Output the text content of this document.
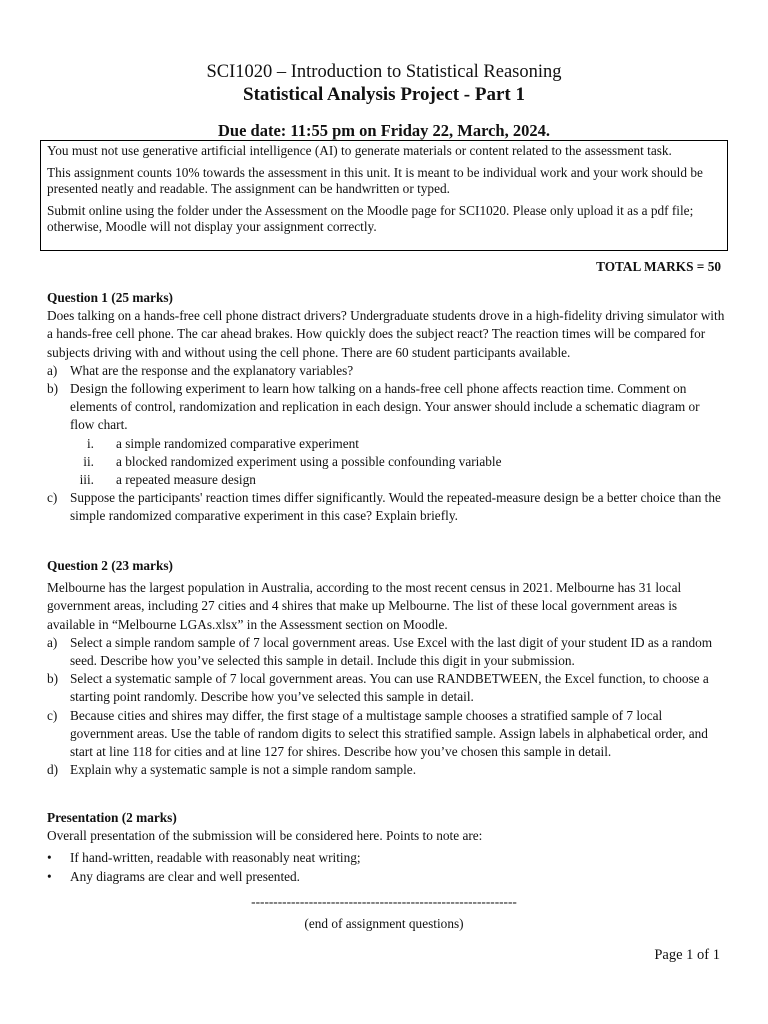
SCI1020 – Introduction to Statistical Reasoning
Statistical Analysis Project - Part 1
Due date: 11:55 pm on Friday 22, March, 2024.

You must not use generative artificial intelligence (AI) to generate materials or content related to the assessment task.

This assignment counts 10% towards the assessment in this unit. It is meant to be individual work and your work should be presented neatly and readable. The assignment can be handwritten or typed.

Submit online using the folder under the Assessment on the Moodle page for SCI1020. Please only upload it as a pdf file; otherwise, Moodle will not display your assignment correctly.

TOTAL MARKS = 50
Question 1 (25 marks)
Does talking on a hands-free cell phone distract drivers? Undergraduate students drove in a high-fidelity driving simulator with a hands-free cell phone. The car ahead brakes. How quickly does the subject react? The reaction times will be compared for subjects driving with and without using the cell phone. There are 60 student participants available.
a) What are the response and the explanatory variables?
b) Design the following experiment to learn how talking on a hands-free cell phone affects reaction time. Comment on elements of control, randomization and replication in each design. Your answer should include a schematic diagram or flow chart.
i. a simple randomized comparative experiment
ii. a blocked randomized experiment using a possible confounding variable
iii. a repeated measure design
c) Suppose the participants' reaction times differ significantly. Would the repeated-measure design be a better choice than the simple randomized comparative experiment in this case? Explain briefly.
Question 2 (23 marks)
Melbourne has the largest population in Australia, according to the most recent census in 2021. Melbourne has 31 local government areas, including 27 cities and 4 shires that make up Melbourne. The list of these local government areas is available in “Melbourne LGAs.xlsx” in the Assessment section on Moodle.
a) Select a simple random sample of 7 local government areas. Use Excel with the last digit of your student ID as a random seed. Describe how you’ve selected this sample in detail. Include this digit in your submission.
b) Select a systematic sample of 7 local government areas. You can use RANDBETWEEN, the Excel function, to choose a starting point randomly. Describe how you’ve selected this sample in detail.
c) Because cities and shires may differ, the first stage of a multistage sample chooses a stratified sample of 7 local government areas. Use the table of random digits to select this stratified sample. Assign labels in alphabetical order, and start at line 118 for cities and at line 127 for shires. Describe how you’ve chosen this sample in detail.
d) Explain why a systematic sample is not a simple random sample.
Presentation (2 marks)
Overall presentation of the submission will be considered here. Points to note are:
• If hand-written, readable with reasonably neat writing;
• Any diagrams are clear and well presented.
------------------------------------------------------------
(end of assignment questions)
Page 1 of 1
